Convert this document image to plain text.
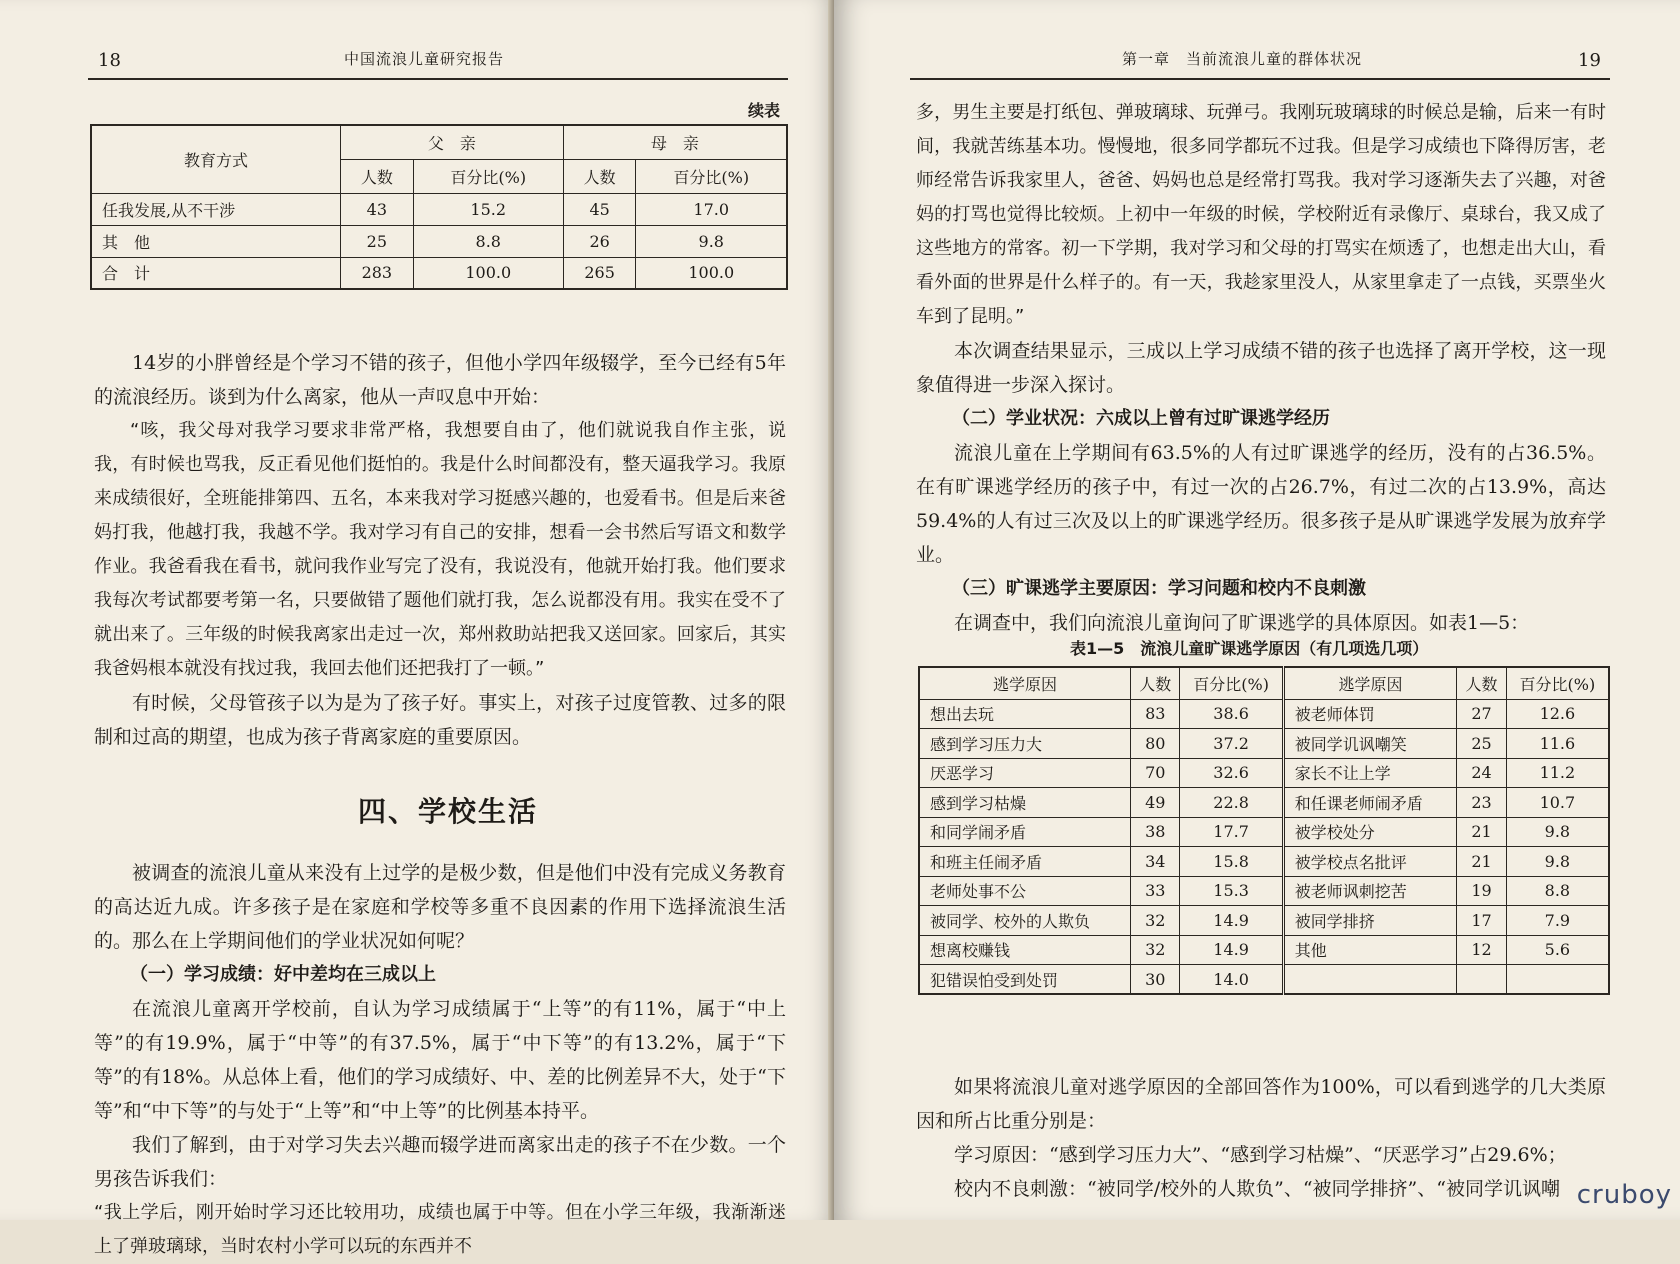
18	中国流浪儿童研究报告
续表
教育方式	父　亲		母　亲	
	人数	百分比(%)	人数	百分比(%)
任我发展,从不干涉	43	15.2	45	17.0
其　他	25	8.8	26	9.8
合　计	283	100.0	265	100.0

14岁的小胖曾经是个学习不错的孩子，但他小学四年级辍学，至今已经有5年的流浪经历。谈到为什么离家，他从一声叹息中开始：

“咳，我父母对我学习要求非常严格，我想要自由了，他们就说我自作主张，说我，有时候也骂我，反正看见他们挺怕的。我是什么时间都没有，整天逼我学习。我原来成绩很好，全班能排第四、五名，本来我对学习挺感兴趣的，也爱看书。但是后来爸妈打我，他越打我，我越不学。我对学习有自己的安排，想看一会书然后写语文和数学作业。我爸看我在看书，就问我作业写完了没有，我说没有，他就开始打我。他们要求我每次考试都要考第一名，只要做错了题他们就打我，怎么说都没有用。我实在受不了就出来了。三年级的时候我离家出走过一次，郑州救助站把我又送回家。回家后，其实我爸妈根本就没有找过我，我回去他们还把我打了一顿。”

有时候，父母管孩子以为是为了孩子好。事实上，对孩子过度管教、过多的限制和过高的期望，也成为孩子背离家庭的重要原因。

四、学校生活

被调查的流浪儿童从来没有上过学的是极少数，但是他们中没有完成义务教育的高达近九成。许多孩子是在家庭和学校等多重不良因素的作用下选择流浪生活的。那么在上学期间他们的学业状况如何呢？

（一）学习成绩：好中差均在三成以上

在流浪儿童离开学校前，自认为学习成绩属于“上等”的有11%，属于“中上等”的有19.9%，属于“中等”的有37.5%，属于“中下等”的有13.2%，属于“下等”的有18%。从总体上看，他们的学习成绩好、中、差的比例差异不大，处于“下等”和“中下等”的与处于“上等”和“中上等”的比例基本持平。

我们了解到，由于对学习失去兴趣而辍学进而离家出走的孩子不在少数。一个男孩告诉我们：

“我上学后，刚开始时学习还比较用功，成绩也属于中等。但在小学三年级，我渐渐迷上了弹玻璃球，当时农村小学可以玩的东西并不

第一章　当前流浪儿童的群体状况	19

多，男生主要是打纸包、弹玻璃球、玩弹弓。我刚玩玻璃球的时候总是输，后来一有时间，我就苦练基本功。慢慢地，很多同学都玩不过我。但是学习成绩也下降得厉害，老师经常告诉我家里人，爸爸、妈妈也总是经常打骂我。我对学习逐渐失去了兴趣，对爸妈的打骂也觉得比较烦。上初中一年级的时候，学校附近有录像厅、桌球台，我又成了这些地方的常客。初一下学期，我对学习和父母的打骂实在烦透了，也想走出大山，看看外面的世界是什么样子的。有一天，我趁家里没人，从家里拿走了一点钱，买票坐火车到了昆明。”

本次调查结果显示，三成以上学习成绩不错的孩子也选择了离开学校，这一现象值得进一步深入探讨。

（二）学业状况：六成以上曾有过旷课逃学经历

流浪儿童在上学期间有63.5%的人有过旷课逃学的经历，没有的占36.5%。在有旷课逃学经历的孩子中，有过一次的占26.7%，有过二次的占13.9%，高达59.4%的人有过三次及以上的旷课逃学经历。很多孩子是从旷课逃学发展为放弃学业。

（三）旷课逃学主要原因：学习问题和校内不良刺激

在调查中，我们向流浪儿童询问了旷课逃学的具体原因。如表1—5：

表1—5　流浪儿童旷课逃学原因（有几项选几项）
逃学原因	人数	百分比(%)	逃学原因	人数	百分比(%)
想出去玩	83	38.6	被老师体罚	27	12.6
感到学习压力大	80	37.2	被同学讥讽嘲笑	25	11.6
厌恶学习	70	32.6	家长不让上学	24	11.2
感到学习枯燥	49	22.8	和任课老师闹矛盾	23	10.7
和同学闹矛盾	38	17.7	被学校处分	21	9.8
和班主任闹矛盾	34	15.8	被学校点名批评	21	9.8
老师处事不公	33	15.3	被老师讽刺挖苦	19	8.8
被同学、校外的人欺负	32	14.9	被同学排挤	17	7.9
想离校赚钱	32	14.9	其他	12	5.6
犯错误怕受到处罚	30	14.0			

如果将流浪儿童对逃学原因的全部回答作为100%，可以看到逃学的几大类原因和所占比重分别是：

学习原因：“感到学习压力大”、“感到学习枯燥”、“厌恶学习”占29.6%；

校内不良刺激：“被同学/校外的人欺负”、“被同学排挤”、“被同学讥讽嘲 cruboy
